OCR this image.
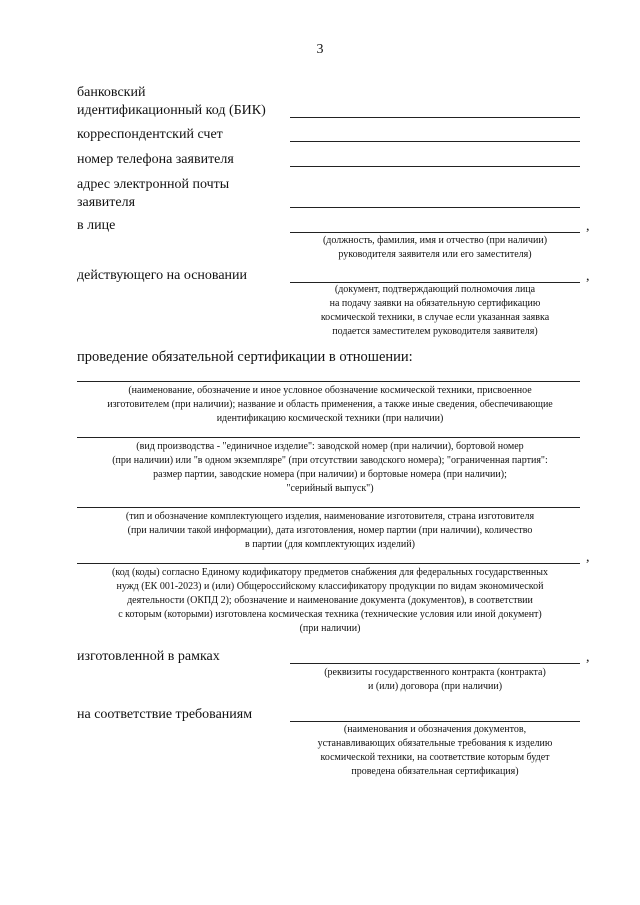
3
банковский
идентификационный код (БИК)
корреспондентский счет
номер телефона заявителя
адрес электронной почты
заявителя
в лице	,
(должность, фамилия, имя и отчество (при наличии)
руководителя заявителя или его заместителя)
действующего на основании	,
(документ, подтверждающий полномочия лица
на подачу заявки на обязательную сертификацию
космической техники, в случае если указанная заявка
подается заместителем руководителя заявителя)
проведение обязательной сертификации в отношении:
(наименование, обозначение и иное условное обозначение космической техники, присвоенное
изготовителем (при наличии); название и область применения, а также иные сведения, обеспечивающие
идентификацию космической техники (при наличии)
(вид производства - "единичное изделие": заводской номер (при наличии), бортовой номер
(при наличии) или "в одном экземпляре" (при отсутствии заводского номера); "ограниченная партия":
размер партии, заводские номера (при наличии) и бортовые номера (при наличии);
"серийный выпуск")
(тип и обозначение комплектующего изделия, наименование изготовителя, страна изготовителя
(при наличии такой информации), дата изготовления, номер партии (при наличии), количество
в партии (для комплектующих изделий)
,
(код (коды) согласно Единому кодификатору предметов снабжения для федеральных государственных
нужд (ЕК 001-2023) и (или) Общероссийскому классификатору продукции по видам экономической
деятельности (ОКПД 2); обозначение и наименование документа (документов), в соответствии
с которым (которыми) изготовлена космическая техника (технические условия или иной документ)
(при наличии)
изготовленной в рамках	,
(реквизиты государственного контракта (контракта)
и (или) договора (при наличии)
на соответствие требованиям
(наименования и обозначения документов,
устанавливающих обязательные требования к изделию
космической техники, на соответствие которым будет
проведена обязательная сертификация)
